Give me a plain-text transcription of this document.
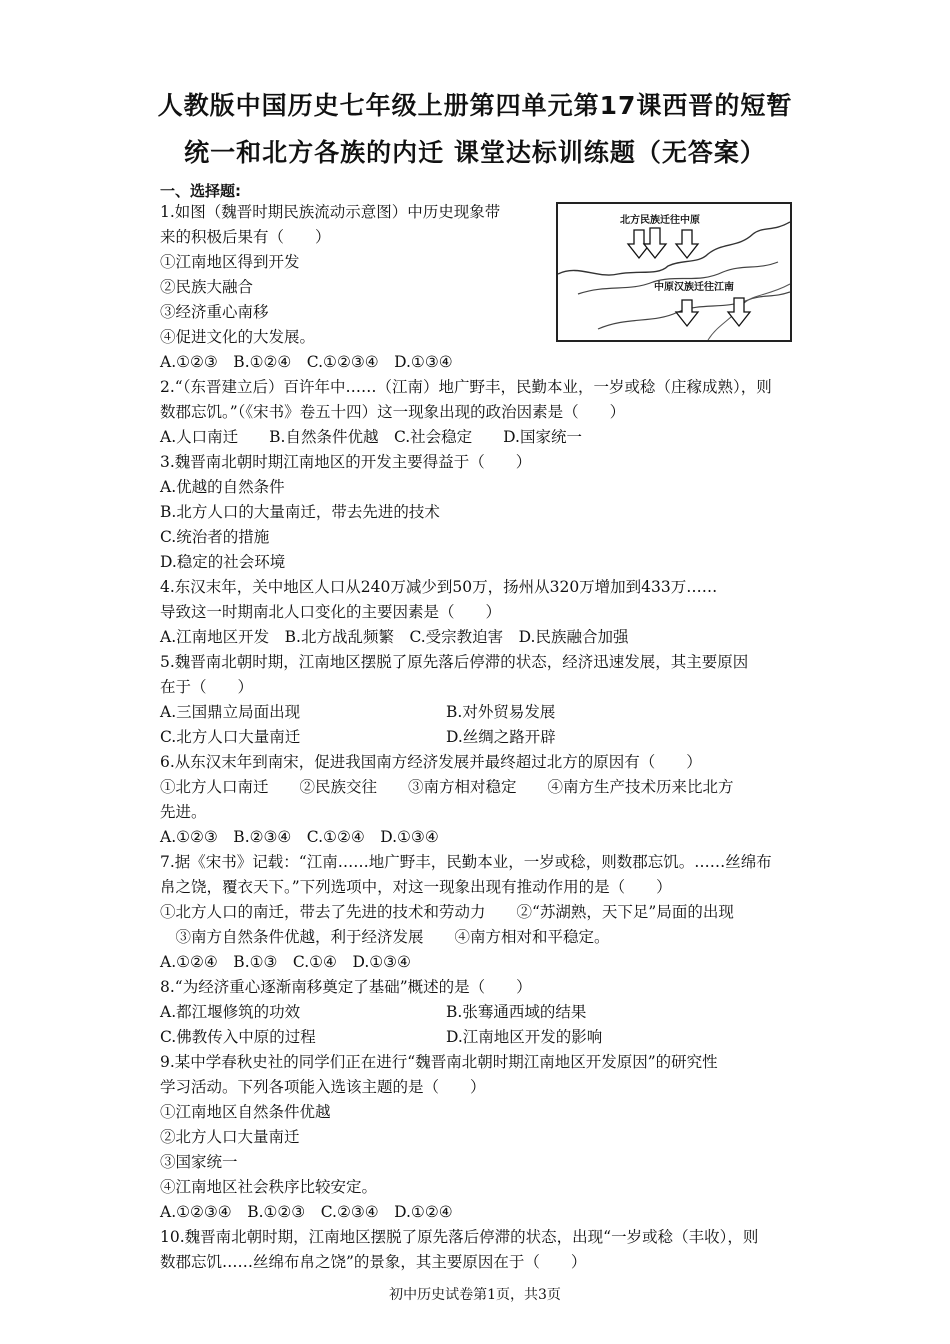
人教版中国历史七年级上册第四单元第17课西晋的短暂
统一和北方各族的内迁 课堂达标训练题（无答案）
一、选择题:
1.如图（魏晋时期民族流动示意图）中历史现象带
来的积极后果有（　　）
①江南地区得到开发
②民族大融合
③经济重心南移
④促进文化的大发展。
A.①②③　B.①②④　C.①②③④　D.①③④
2.“（东晋建立后）百许年中……（江南）地广野丰，民勤本业，一岁或稔（庄稼成熟），则
数郡忘饥。”（《宋书》卷五十四）这一现象出现的政治因素是（　　）
A.人口南迁　　B.自然条件优越　C.社会稳定　　D.国家统一
3.魏晋南北朝时期江南地区的开发主要得益于（　　）
A.优越的自然条件
B.北方人口的大量南迁，带去先进的技术
C.统治者的措施
D.稳定的社会环境
4.东汉末年，关中地区人口从240万减少到50万，扬州从320万增加到433万……
导致这一时期南北人口变化的主要因素是（　　）
A.江南地区开发　B.北方战乱频繁　C.受宗教迫害　D.民族融合加强
5.魏晋南北朝时期，江南地区摆脱了原先落后停滞的状态，经济迅速发展，其主要原因
在于（　　）
A.三国鼎立局面出现	B.对外贸易发展
C.北方人口大量南迁	D.丝绸之路开辟
6.从东汉末年到南宋，促进我国南方经济发展并最终超过北方的原因有（　　）
①北方人口南迁　　②民族交往　　③南方相对稳定　　④南方生产技术历来比北方
先进。
A.①②③　B.②③④　C.①②④　D.①③④
7.据《宋书》记载：“江南……地广野丰，民勤本业，一岁或稔，则数郡忘饥。……丝绵布
帛之饶，覆衣天下。”下列选项中，对这一现象出现有推动作用的是（　　）
①北方人口的南迁，带去了先进的技术和劳动力　　②“苏湖熟，天下足”局面的出现
　③南方自然条件优越，利于经济发展　　④南方相对和平稳定。
A.①②④　B.①③　C.①④　D.①③④
8.“为经济重心逐渐南移奠定了基础”概述的是（　　）
A.都江堰修筑的功效	B.张骞通西域的结果
C.佛教传入中原的过程	D.江南地区开发的影响
9.某中学春秋史社的同学们正在进行“魏晋南北朝时期江南地区开发原因”的研究性
学习活动。下列各项能入选该主题的是（　　）
①江南地区自然条件优越
②北方人口大量南迁
③国家统一
④江南地区社会秩序比较安定。
A.①②③④　B.①②③　C.②③④　D.①②④
10.魏晋南北朝时期，江南地区摆脱了原先落后停滞的状态，出现“一岁或稔（丰收），则
数郡忘饥……丝绵布帛之饶”的景象，其主要原因在于（　　）
北方民族迁往中原
中原汉族迁往江南
初中历史试卷第1页，共3页
